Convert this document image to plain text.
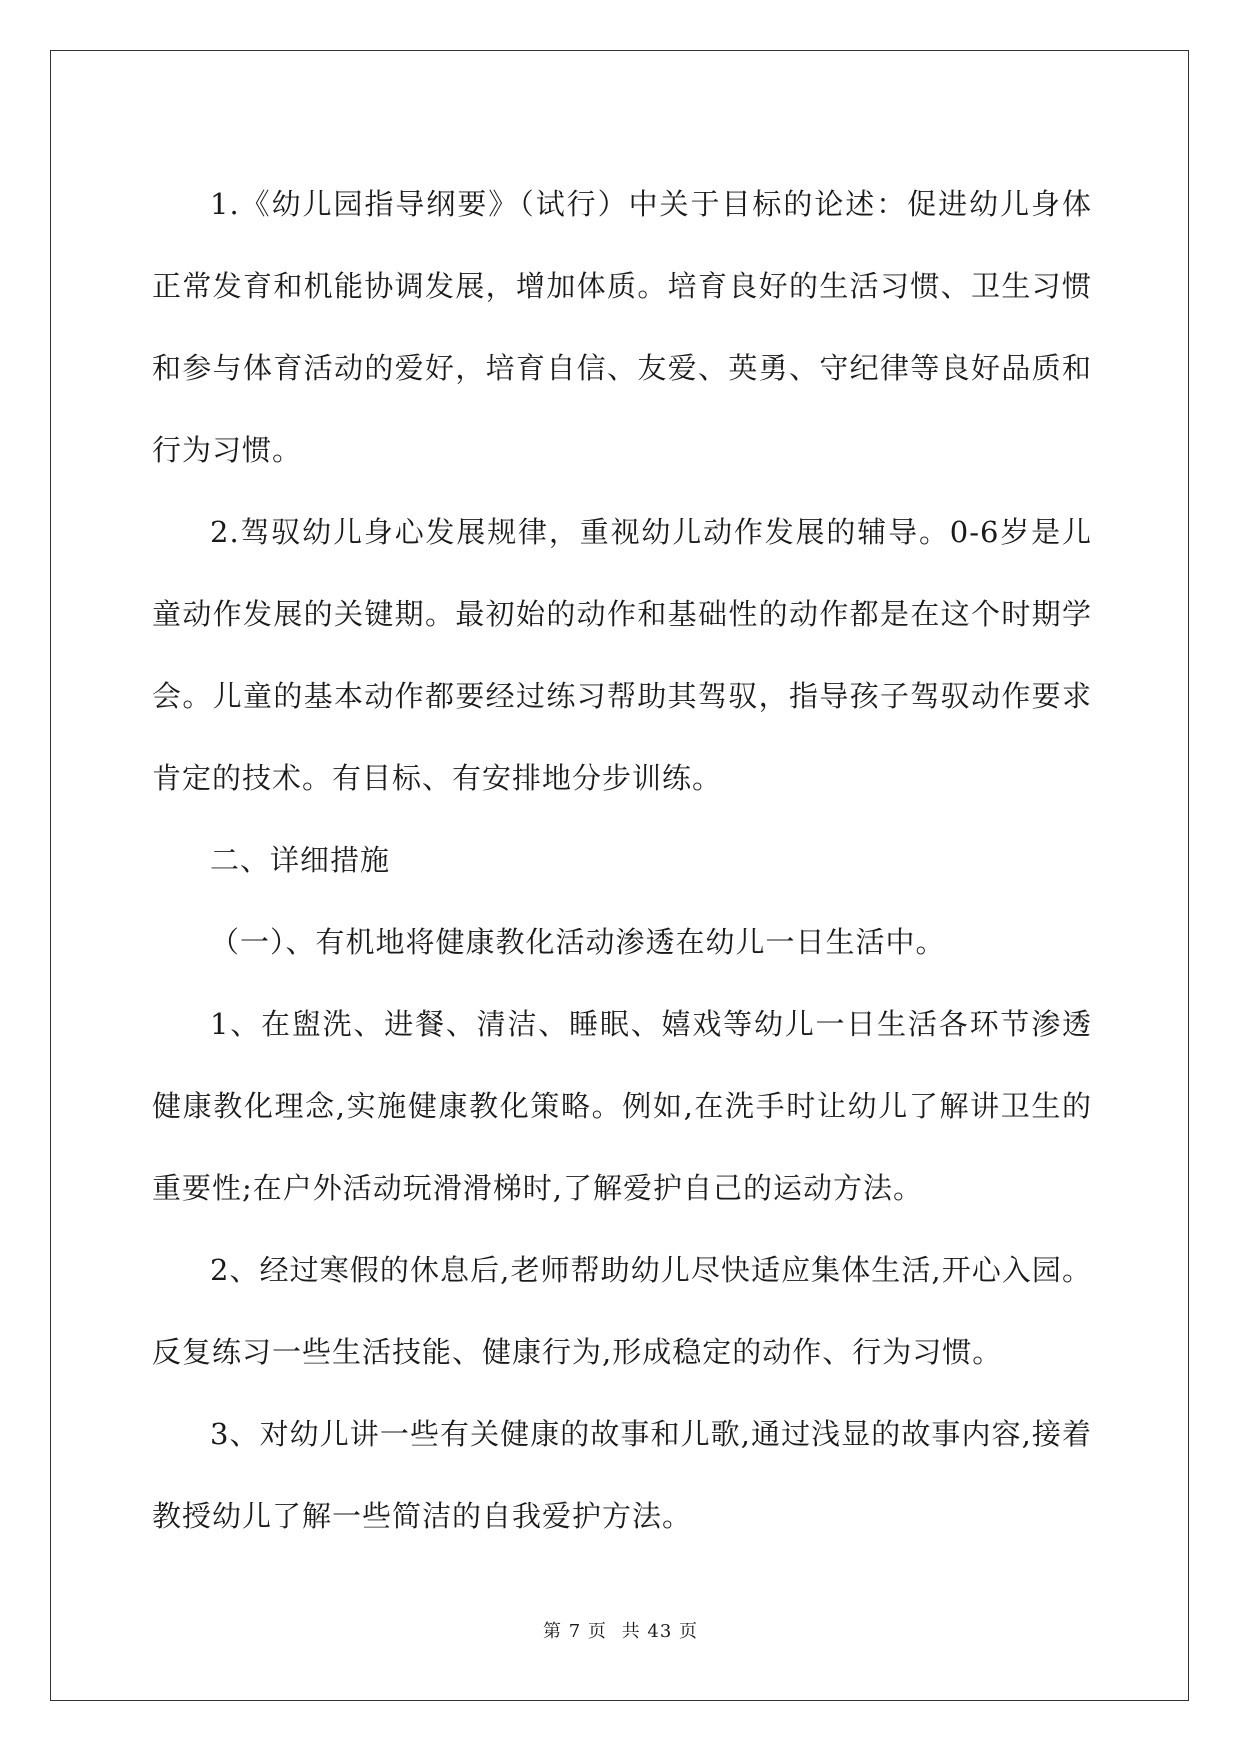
1.《幼儿园指导纲要》（试行）中关于目标的论述：促进幼儿身体正常发育和机能协调发展，增加体质。培育良好的生活习惯、卫生习惯和参与体育活动的爱好，培育自信、友爱、英勇、守纪律等良好品质和行为习惯。

2.驾驭幼儿身心发展规律，重视幼儿动作发展的辅导。0-6岁是儿童动作发展的关键期。最初始的动作和基础性的动作都是在这个时期学会。儿童的基本动作都要经过练习帮助其驾驭，指导孩子驾驭动作要求肯定的技术。有目标、有安排地分步训练。

二、详细措施

（一）、有机地将健康教化活动渗透在幼儿一日生活中。

1、在盥洗、进餐、清洁、睡眠、嬉戏等幼儿一日生活各环节渗透健康教化理念,实施健康教化策略。例如,在洗手时让幼儿了解讲卫生的重要性;在户外活动玩滑滑梯时,了解爱护自己的运动方法。

2、经过寒假的休息后,老师帮助幼儿尽快适应集体生活,开心入园。反复练习一些生活技能、健康行为,形成稳定的动作、行为习惯。

3、对幼儿讲一些有关健康的故事和儿歌,通过浅显的故事内容,接着教授幼儿了解一些简洁的自我爱护方法。

第 7 页 共 43 页
